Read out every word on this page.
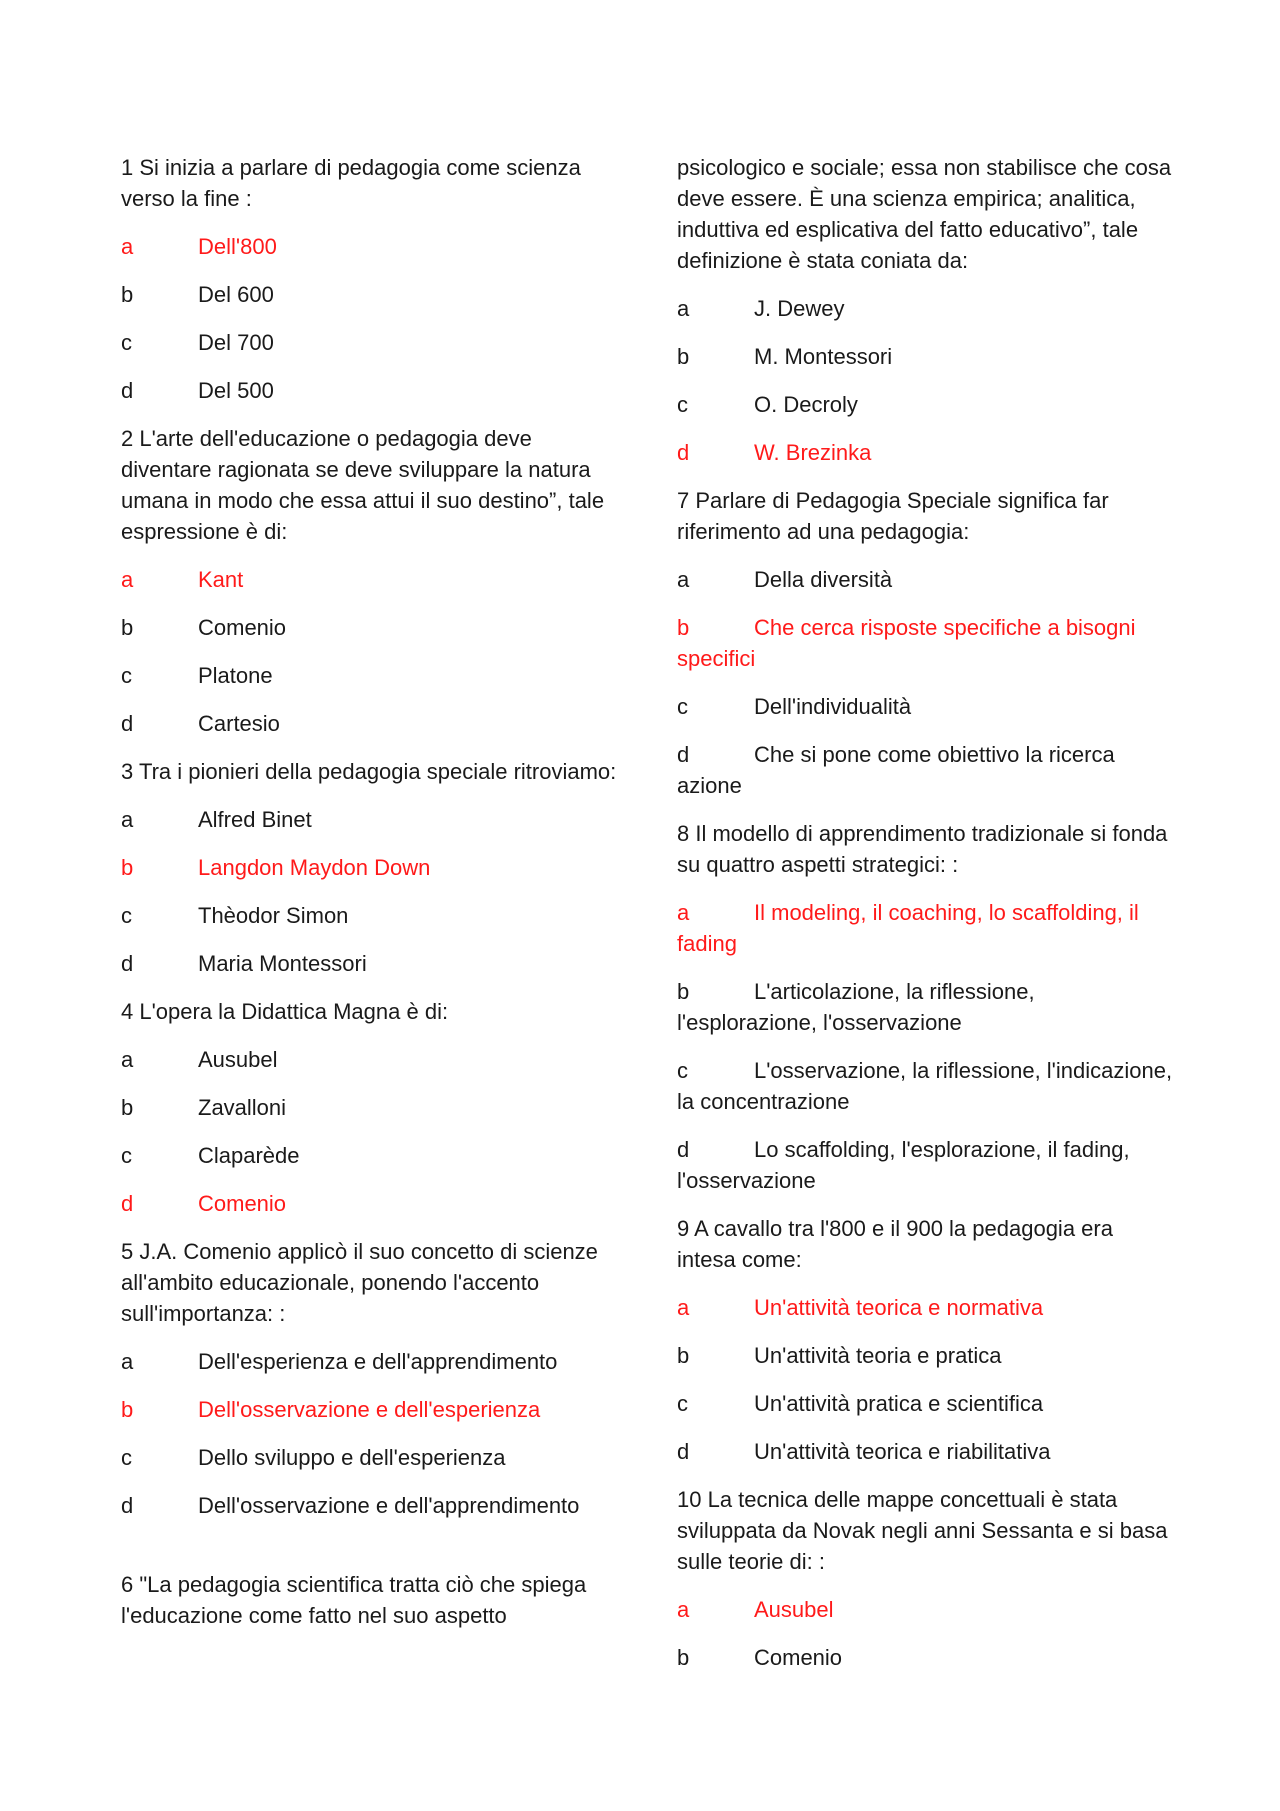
1 Si inizia a parlare di pedagogia come scienza verso la fine :

a	Dell'800
b	Del 600
c	Del 700
d	Del 500

2 L'arte dell'educazione o pedagogia deve diventare ragionata se deve sviluppare la natura umana in modo che essa attui il suo destino”, tale espressione è di:

a	Kant
b	Comenio
c	Platone
d	Cartesio

3 Tra i pionieri della pedagogia speciale ritroviamo:

a	Alfred Binet
b	Langdon Maydon Down
c	Thèodor Simon
d	Maria Montessori

4 L'opera la Didattica Magna è di:

a	Ausubel
b	Zavalloni
c	Claparède
d	Comenio

5 J.A. Comenio applicò il suo concetto di scienze all'ambito educazionale, ponendo l'accento sull'importanza: :

a	Dell'esperienza e dell'apprendimento
b	Dell'osservazione e dell'esperienza
c	Dello sviluppo e dell'esperienza
d	Dell'osservazione e dell'apprendimento

6 "La pedagogia scientifica tratta ciò che spiega l'educazione come fatto nel suo aspetto

psicologico e sociale; essa non stabilisce che cosa deve essere. È una scienza empirica; analitica, induttiva ed esplicativa del fatto educativo”, tale definizione è stata coniata da:

a	J. Dewey
b	M. Montessori
c	O. Decroly
d	W. Brezinka

7 Parlare di Pedagogia Speciale significa far riferimento ad una pedagogia:

a	Della diversità
b	Che cerca risposte specifiche a bisogni specifici
c	Dell'individualità
d	Che si pone come obiettivo la ricerca azione

8 Il modello di apprendimento tradizionale si fonda su quattro aspetti strategici: :

a	Il modeling, il coaching, lo scaffolding, il fading
b	L'articolazione, la riflessione, l'esplorazione, l'osservazione
c	L'osservazione, la riflessione, l'indicazione, la concentrazione
d	Lo scaffolding, l'esplorazione, il fading, l'osservazione

9 A cavallo tra l'800 e il 900 la pedagogia era intesa come:

a	Un'attività teorica e normativa
b	Un'attività teoria e pratica
c	Un'attività pratica e scientifica
d	Un'attività teorica e riabilitativa

10 La tecnica delle mappe concettuali è stata sviluppata da Novak negli anni Sessanta e si basa sulle teorie di: :

a	Ausubel
b	Comenio
